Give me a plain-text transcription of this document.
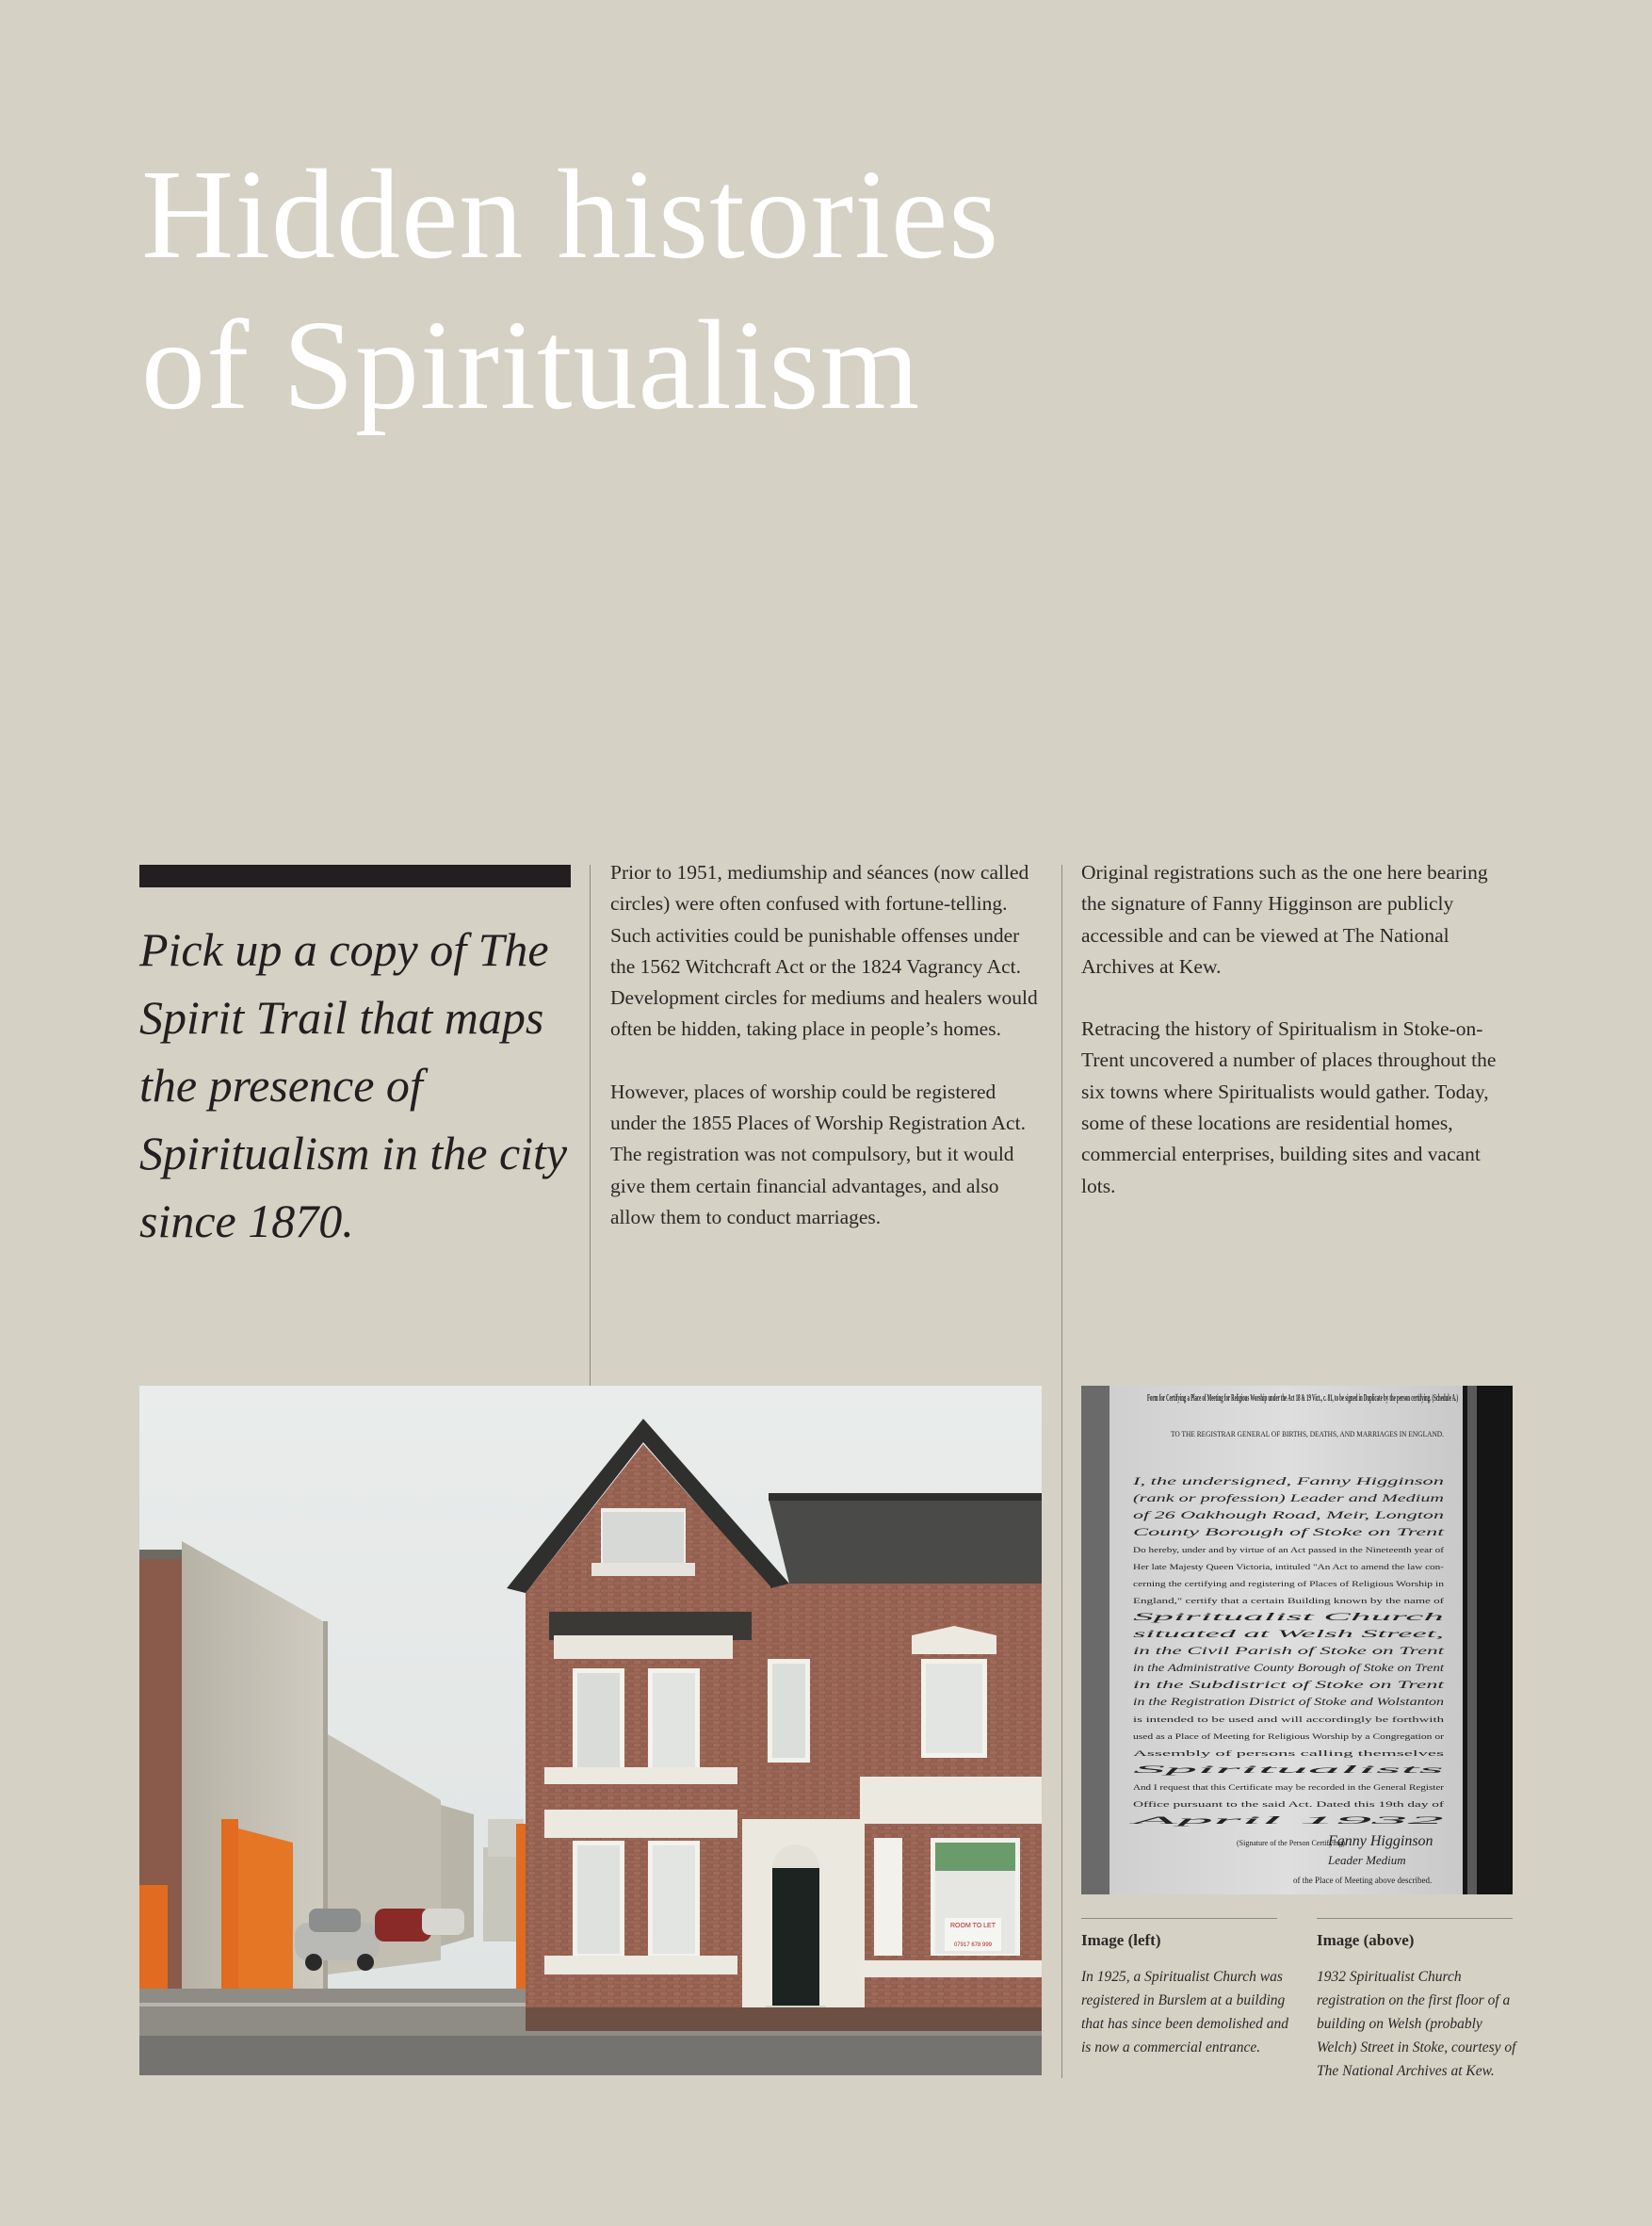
Hidden histories
of Spiritualism

Pick up a copy of The Spirit Trail that maps the presence of Spiritualism in the city since 1870.

Prior to 1951, mediumship and séances (now called circles) were often confused with fortune-telling. Such activities could be punishable offenses under the 1562 Witchcraft Act or the 1824 Vagrancy Act. Development circles for mediums and healers would often be hidden, taking place in people’s homes.

However, places of worship could be registered under the 1855 Places of Worship Registration Act. The registration was not compulsory, but it would give them certain financial advantages, and also allow them to conduct marriages.

Original registrations such as the one here bearing the signature of Fanny Higginson are publicly accessible and can be viewed at The National Archives at Kew.

Retracing the history of Spiritualism in Stoke-on-Trent uncovered a number of places throughout the six towns where Spiritualists would gather. Today, some of these locations are residential homes, commercial enterprises, building sites and vacant lots.

ROOM TO LET
07917 678 999
Form for Certifying a Place of Meeting for Religious Worship under the Act 18 & 19 Vict., c. 81, to be signed in Duplicate by the person certifying. (Schedule A.)
TO THE REGISTRAR GENERAL OF BIRTHS, DEATHS, AND MARRIAGES IN ENGLAND.
I, the undersigned, Fanny Higginson
(rank or profession) Leader and Medium
of 26 Oakhough Road, Meir, Longton
County Borough of Stoke on Trent
Do hereby, under and by virtue of an Act passed in the Nineteenth year of
Her late Majesty Queen Victoria, intituled "An Act to amend the law con-
cerning the certifying and registering of Places of Religious Worship in
England," certify that a certain Building known by the name of
Spiritualist Church
situated at Welsh Street,
in the Civil Parish of Stoke on Trent
in the Administrative County Borough of Stoke on Trent
in the Subdistrict of Stoke on Trent
in the Registration District of Stoke and Wolstanton
is intended to be used and will accordingly be forthwith
used as a Place of Meeting for Religious Worship by a Congregation or
Assembly of persons calling themselves
Spiritualists
And I request that this Certificate may be recorded in the General Register
Office pursuant to the said Act. Dated this 19th day of
April 1932
(Signature of the Person Certifying)
Fanny Higginson
Leader Medium
of the Place of Meeting above described.

Image (left)

In 1925, a Spiritualist Church was registered in Burslem at a building that has since been demolished and is now a commercial entrance.

Image (above)

1932 Spiritualist Church registration on the first floor of a building on Welsh (probably Welch) Street in Stoke, courtesy of The National Archives at Kew.
